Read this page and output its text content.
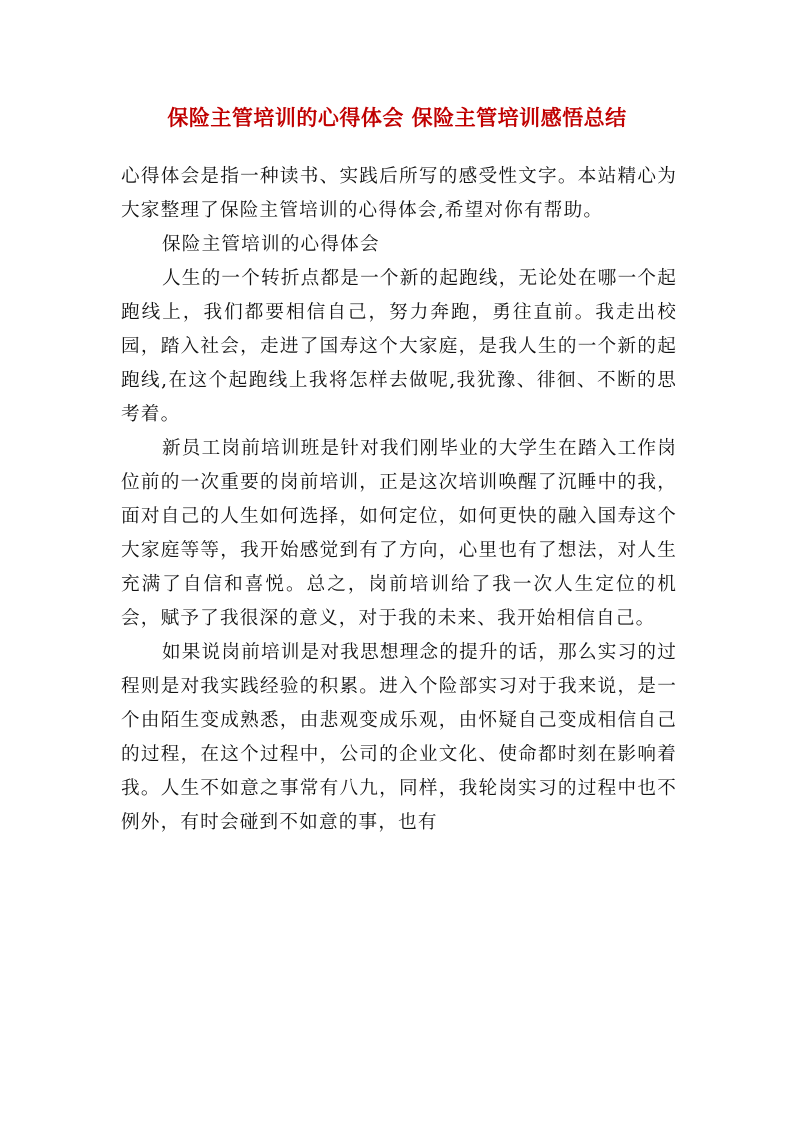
保险主管培训的心得体会 保险主管培训感悟总结

心得体会是指一种读书、实践后所写的感受性文字。本站精心为大家整理了保险主管培训的心得体会,希望对你有帮助。

保险主管培训的心得体会

人生的一个转折点都是一个新的起跑线，无论处在哪一个起跑线上，我们都要相信自己，努力奔跑，勇往直前。我走出校园，踏入社会，走进了国寿这个大家庭，是我人生的一个新的起跑线,在这个起跑线上我将怎样去做呢,我犹豫、徘徊、不断的思考着。

新员工岗前培训班是针对我们刚毕业的大学生在踏入工作岗位前的一次重要的岗前培训，正是这次培训唤醒了沉睡中的我，面对自己的人生如何选择，如何定位，如何更快的融入国寿这个大家庭等等，我开始感觉到有了方向，心里也有了想法，对人生充满了自信和喜悦。总之，岗前培训给了我一次人生定位的机会，赋予了我很深的意义，对于我的未来、我开始相信自己。

如果说岗前培训是对我思想理念的提升的话，那么实习的过程则是对我实践经验的积累。进入个险部实习对于我来说，是一个由陌生变成熟悉，由悲观变成乐观，由怀疑自己变成相信自己的过程，在这个过程中，公司的企业文化、使命都时刻在影响着我。人生不如意之事常有八九，同样，我轮岗实习的过程中也不例外，有时会碰到不如意的事，也有
